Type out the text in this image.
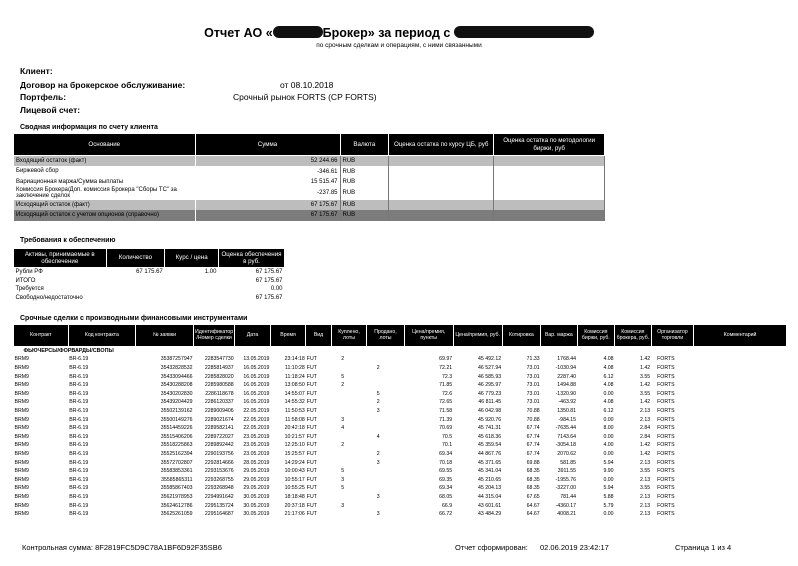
Отчет АО «	Брокер» за период с
по срочным сделкам и операциям, с ними связанными
Клиент:
Договор на брокерское обслуживание:	от 08.10.2018
Портфель:	Срочный рынок FORTS (СР FORTS)
Лицевой счет:
Сводная информация по счету клиента
Основание	Сумма	Валюта	Оценка остатка по курсу ЦБ, руб	Оценка остатка по методологии биржи, руб
Входящий остаток (факт)	52 244.66	RUB		
Биржевой сбор	-346.61	RUB		
Вариационная маржа/Сумма выплаты	15 515.47	RUB		
Комиссия Брокера/Доп. комиссия Брокера "Сборы ТС" за заключение сделок	-237.85	RUB		
Исходящий остаток (факт)	67 175.67	RUB		
Исходящий остаток с учетом опционов (справочно)	67 175.67	RUB		
Требования к обеспечению
Активы, принимаемые в обеспечение	Количество	Курс / цена	Оценка обеспечения в руб.
Рубли РФ	67 175.67	1.00	67 175.67
ИТОГО			67 175.67
Требуется			0.00
Свободно/недостаточно			67 175.67
Срочные сделки с производными финансовыми инструментами
Контракт	Код контракта	№ заявки	Идентификатор /Номер сделки	Дата	Время	Вид	Куплено, лоты	Продано, лоты	Цена/премия, пункты	Цена/премия, руб.	Котировка	Вар. маржа	Комиссия биржи, руб.	Комиссия брокера, руб.	Организатор торговли	Комментарий
ФЬЮЧЕРСЫ/ФОРВАРДЫ/СВОПЫ																
BRM9	BR-6.19	35387257947	2283547730	13.05.2019	23:14:18	FUT	2		69.97	45 492.12	71.33	1768.44	4.08	1.42	FORTS	
BRM9	BR-6.19	35432828532	2285814937	16.05.2019	11:10:28	FUT		2	72.21	46 527.94	73.01	-1030.94	4.08	1.42	FORTS	
BRM9	BR-6.19	35433094466	2285828020	16.05.2019	11:18:24	FUT	5		72.3	46 585.93	73.01	2287.40	6.12	3.55	FORTS	
BRM9	BR-6.19	35430288208	2285980588	16.05.2019	13:08:50	FUT	2		71.85	46 295.97	73.01	1494.88	4.08	1.42	FORTS	
BRM9	BR-6.19	35430202830	2286118678	16.05.2019	14:55:07	FUT		5	72.6	46 779.23	73.01	-1320.90	0.00	3.55	FORTS	
BRM9	BR-6.19	35439204429	2286120337	16.05.2019	14:55:32	FUT		2	72.65	46 811.45	73.01	-463.92	4.08	1.42	FORTS	
BRM9	BR-6.19	35502139162	2289009406	22.05.2019	11:50:53	FUT		3	71.58	46 042.98	70.88	1350.81	6.12	2.13	FORTS	
BRM9	BR-6.19	35500149276	2289021674	22.05.2019	11:58:08	FUT	3		71.39	45 920.76	70.88	-984.15	0.00	2.13	FORTS	
BRM9	BR-6.19	35514459226	2289582141	22.05.2019	20:42:18	FUT	4		70.69	45 741.31	67.74	-7635.44	8.00	2.84	FORTS	
BRM9	BR-6.19	35515406206	2289722027	23.05.2019	10:21:57	FUT		4	70.5	45 618.36	67.74	7143.64	0.00	2.84	FORTS	
BRM9	BR-6.19	35518225863	2289892442	23.05.2019	12:25:10	FUT	2		70.1	45 359.54	67.74	-3054.18	4.00	1.42	FORTS	
BRM9	BR-6.19	35525162394	2290193756	23.05.2019	15:25:57	FUT		2	69.34	44 867.76	67.74	2070.62	0.00	1.42	FORTS	
BRM9	BR-6.19	35572702807	2292814666	28.05.2019	14:29:24	FUT		3	70.18	45 371.65	69.88	581.85	5.94	2.13	FORTS	
BRM9	BR-6.19	35583853361	2293153676	29.05.2019	10:00:43	FUT	5		69.55	45 341.04	68.35	3911.55	9.90	3.55	FORTS	
BRM9	BR-6.19	35585865311	2293268755	29.05.2019	10:55:17	FUT	3		69.35	45 210.65	68.35	-1955.76	0.00	2.13	FORTS	
BRM9	BR-6.19	35585867403	2293268948	29.05.2019	10:55:25	FUT	5		69.34	45 204.13	68.35	-3227.00	5.94	3.55	FORTS	
BRM9	BR-6.19	35621978953	2294991642	30.05.2019	18:18:48	FUT		3	68.05	44 315.04	67.65	781.44	5.88	2.13	FORTS	
BRM9	BR-6.19	35624612786	2295135724	30.05.2019	20:37:18	FUT	3		66.9	43 601.61	64.67	-4360.17	5.79	2.13	FORTS	
BRM9	BR-6.19	35625261059	2295164687	30.05.2019	21:17:06	FUT		3	66.72	43 484.29	64.67	4008.21	0.00	2.13	FORTS	
Контрольная сумма: 8F2819FC5D9C78A1BF6D92F35SB6	Отчет сформирован: 02.06.2019 23:42:17	Страница 1 из 4
